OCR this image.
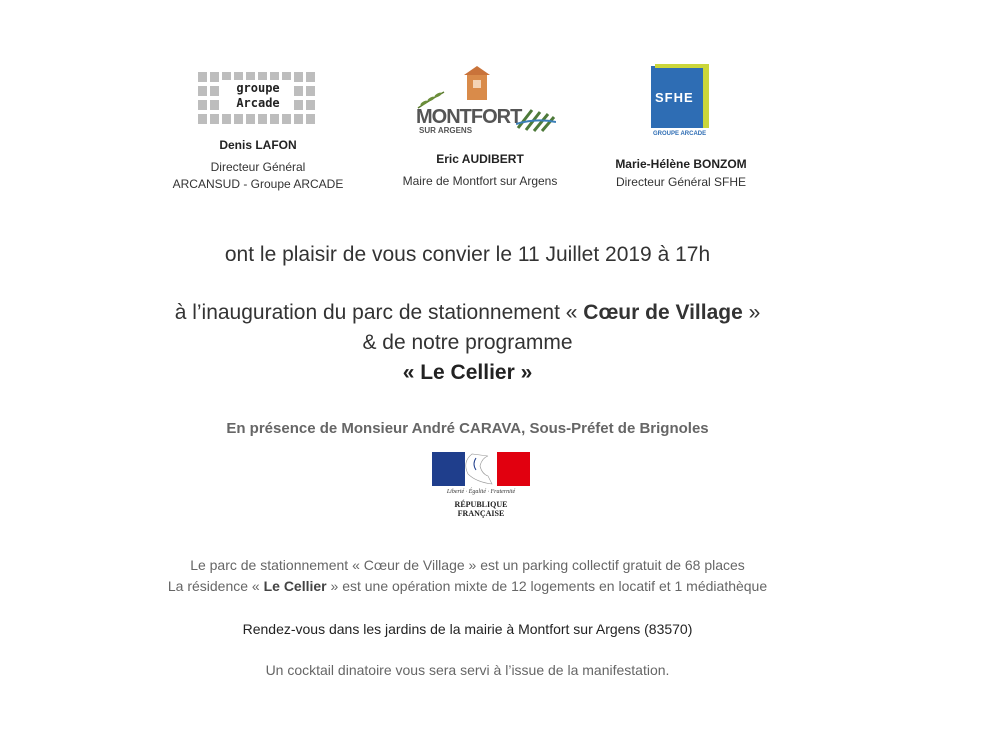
groupe
Arcade
MONTFORT
SUR ARGENS
SFHE
GROUPE ARCADE
Denis LAFON
Directeur Général
ARCANSUD - Groupe ARCADE
Eric AUDIBERT
Maire de Montfort sur Argens
Marie-Hélène BONZOM
Directeur Général SFHE
ont le plaisir de vous convier le 11 Juillet 2019 à 17h
à l’inauguration du parc de stationnement « Cœur de Village »
& de notre programme
« Le Cellier »
En présence de Monsieur André CARAVA, Sous-Préfet de Brignoles
Liberté · Égalité · Fraternité
RÉPUBLIQUE FRANÇAISE
Le parc de stationnement « Cœur de Village » est un parking collectif gratuit de 68 places
La résidence « Le Cellier » est une opération mixte de 12 logements en locatif et 1 médiathèque
Rendez-vous dans les jardins de la mairie à Montfort sur Argens (83570)
Un cocktail dinatoire vous sera servi à l’issue de la manifestation.
